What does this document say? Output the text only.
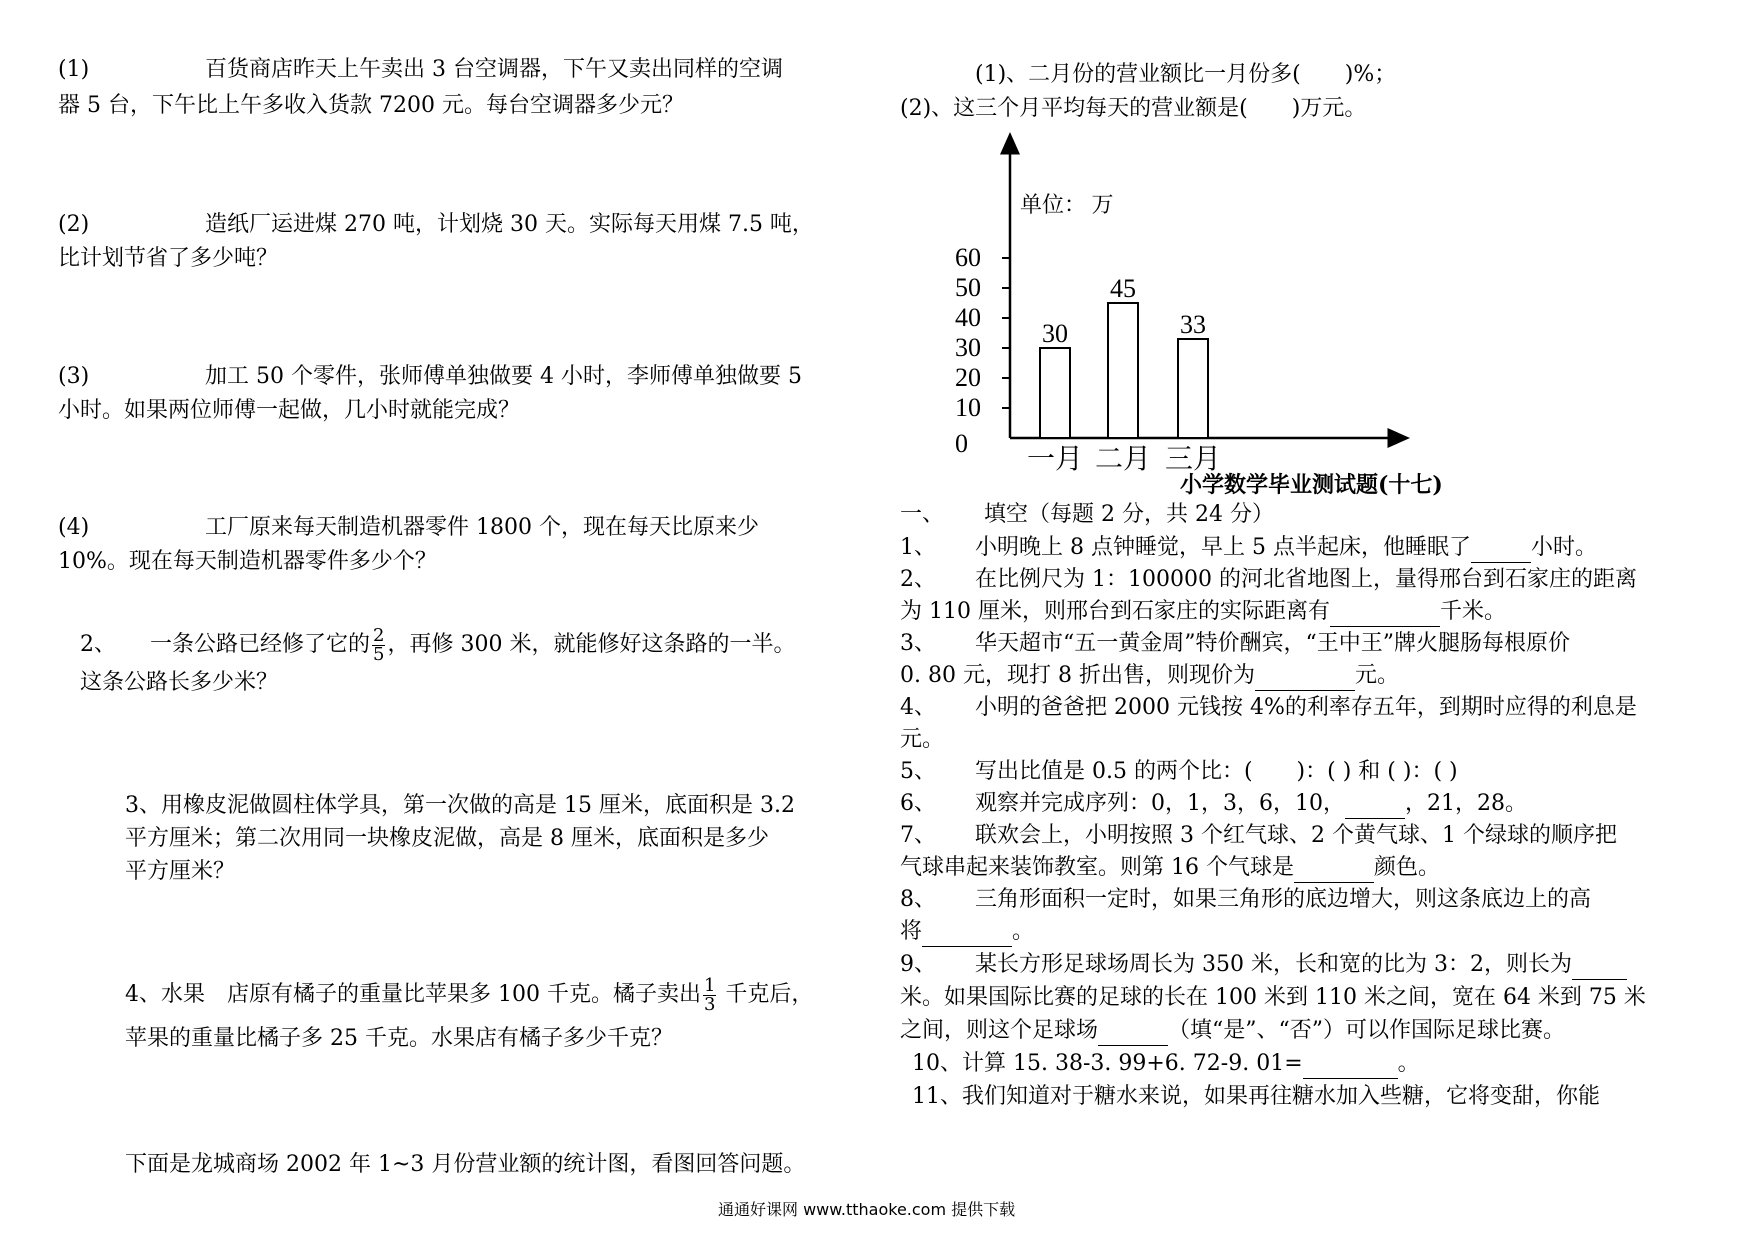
(1)	百货商店昨天上午卖出 3 台空调器，下午又卖出同样的空调
器 5 台，下午比上午多收入货款 7200 元。每台空调器多少元？
(2)	造纸厂运进煤 270 吨，计划烧 30 天。实际每天用煤 7.5 吨，
比计划节省了多少吨？
(3)	加工 50 个零件，张师傅单独做要 4 小时，李师傅单独做要 5
小时。如果两位师傅一起做，几小时就能完成？
(4)	工厂原来每天制造机器零件 1800 个，现在每天比原来少
10%。现在每天制造机器零件多少个？
2、 一条公路已经修了它的 $\frac{2}{5}$ ，再修 300 米，就能修好这条路的一半。
这条公路长多少米？
3、用橡皮泥做圆柱体学具，第一次做的高是 15 厘米，底面积是 3.2
平方厘米；第二次用同一块橡皮泥做，高是 8 厘米，底面积是多少
平方厘米？
4、水果　店原有橘子的重量比苹果多 100 千克。橘子卖出 $\frac{1}{3}$ 千克后，
苹果的重量比橘子多 25 千克。水果店有橘子多少千克？
下面是龙城商场 2002 年 1~3 月份营业额的统计图，看图回答问题。
(1)、二月份的营业额比一月份多(　　)%；
(2)、这三个月平均每天的营业额是(　　)万元。
单位： 万
0
10
20
30
40
50
60
30
45
33
一月 二月 三月
小学数学毕业测试题(十七)
一、 填空（每题 2 分，共 24 分）
1、 小明晚上 8 点钟睡觉，早上 5 点半起床，他睡眠了	小时。
2、 在比例尺为 1：100000 的河北省地图上，量得邢台到石家庄的距离
为 110 厘米，则邢台到石家庄的实际距离有	千米。
3、 华天超市“五一黄金周”特价酬宾，“王中王”牌火腿肠每根原价
0. 80 元，现打 8 折出售，则现价为	元。
4、 小明的爸爸把 2000 元钱按 4%的利率存五年，到期时应得的利息是
元。
5、 写出比值是 0.5 的两个比：(　　)：( ) 和 ( )：( )
6、 观察并完成序列：0，1，3，6，10，	，21，28。
7、 联欢会上，小明按照 3 个红气球、2 个黄气球、1 个绿球的顺序把
气球串起来装饰教室。则第 16 个气球是	颜色。
8、 三角形面积一定时，如果三角形的底边增大，则这条底边上的高
将	。
9、 某长方形足球场周长为 350 米，长和宽的比为 3：2，则长为
米。如果国际比赛的足球的长在 100 米到 110 米之间，宽在 64 米到 75 米
之间，则这个足球场	（填“是”、“否”）可以作国际足球比赛。
10、计算 15. 38-3. 99+6. 72-9. 01=	。
11、我们知道对于糖水来说，如果再往糖水加入些糖，它将变甜，你能
通通好课网 www.tthaoke.com 提供下载
